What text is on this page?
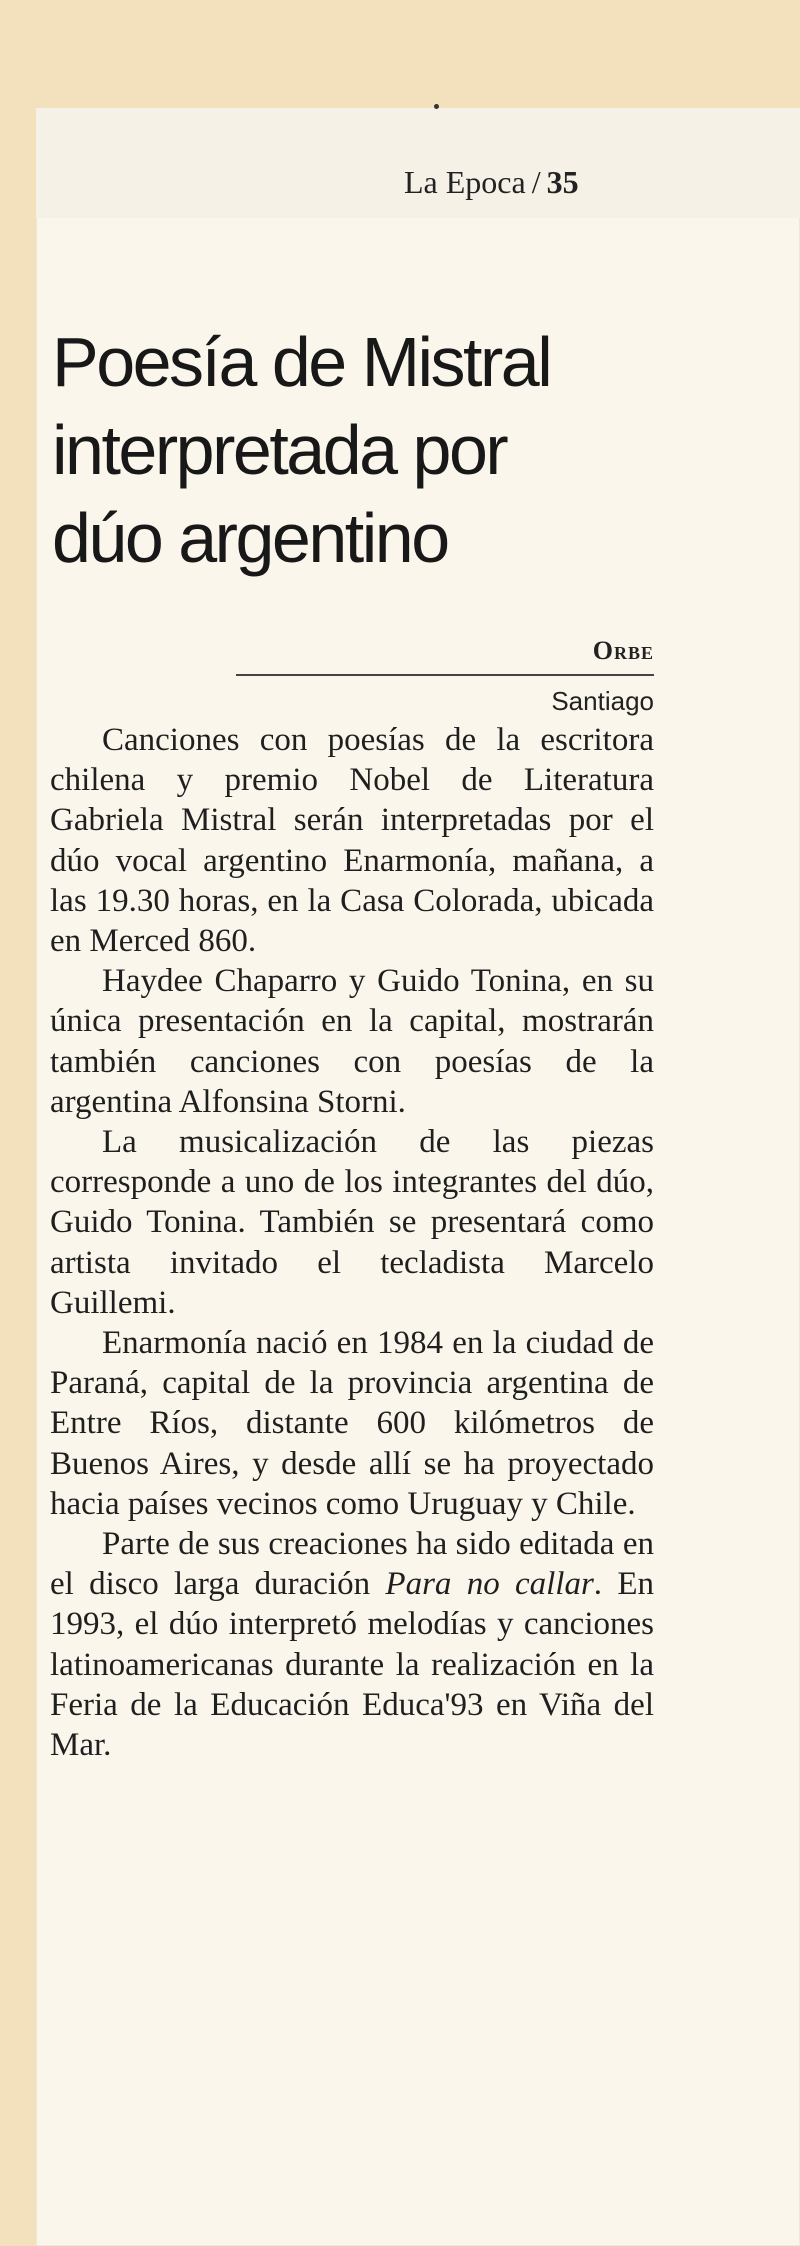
La Epoca / 35
Poesía de Mistral
interpretada por
dúo argentino
Orbe
Santiago

Canciones con poesías de la escritora chilena y premio Nobel de Literatura Gabriela Mistral serán interpretadas por el dúo vocal argentino Enarmonía, mañana, a las 19.30 horas, en la Casa Colorada, ubicada en Merced 860.

Haydee Chaparro y Guido Tonina, en su única presentación en la capital, mostrarán también canciones con poesías de la argentina Alfonsina Storni.

La musicalización de las piezas corresponde a uno de los integrantes del dúo, Guido Tonina. También se presentará como artista invitado el tecladista Marcelo Guillemi.

Enarmonía nació en 1984 en la ciudad de Paraná, capital de la provincia argentina de Entre Ríos, distante 600 kilómetros de Buenos Aires, y desde allí se ha proyectado hacia países vecinos como Uruguay y Chile.

Parte de sus creaciones ha sido editada en el disco larga duración Para no callar. En 1993, el dúo interpretó melodías y canciones latinoamericanas durante la realización en la Feria de la Educación Educa'93 en Viña del Mar.
